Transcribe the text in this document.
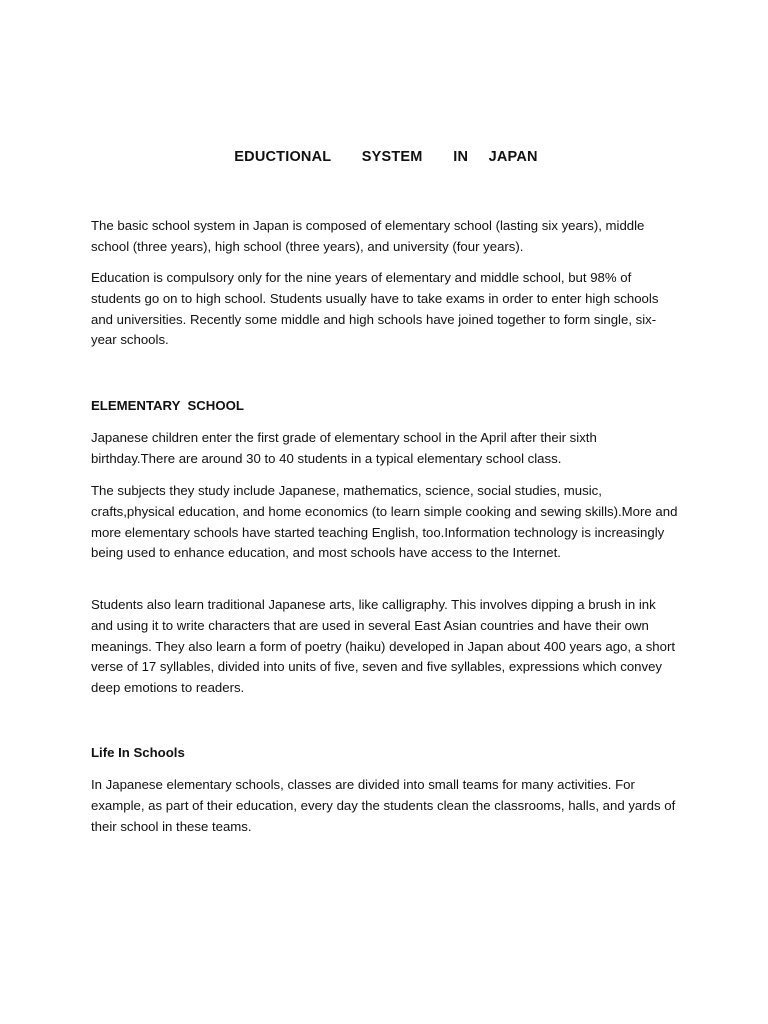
EDUCTIONAL   SYSTEM   IN  JAPAN

The basic school system in Japan is composed of elementary school (lasting six years), middle school (three years), high school (three years), and university (four years).

Education is compulsory only for the nine years of elementary and middle school, but 98% of students go on to high school. Students usually have to take exams in order to enter high schools and universities. Recently some middle and high schools have joined together to form single, six-year schools.

ELEMENTARY  SCHOOL

Japanese children enter the first grade of elementary school in the April after their sixth birthday.There are around 30 to 40 students in a typical elementary school class.

The subjects they study include Japanese, mathematics, science, social studies, music, crafts,physical education, and home economics (to learn simple cooking and sewing skills).More and more elementary schools have started teaching English, too.Information technology is increasingly being used to enhance education, and most schools have access to the Internet.

Students also learn traditional Japanese arts, like calligraphy. This involves dipping a brush in ink and using it to write characters that are used in several East Asian countries and have their own meanings. They also learn a form of poetry (haiku) developed in Japan about 400 years ago, a short verse of 17 syllables, divided into units of five, seven and five syllables, expressions which convey deep emotions to readers.

Life In Schools

In Japanese elementary schools, classes are divided into small teams for many activities. For example, as part of their education, every day the students clean the classrooms, halls, and yards of their school in these teams.
